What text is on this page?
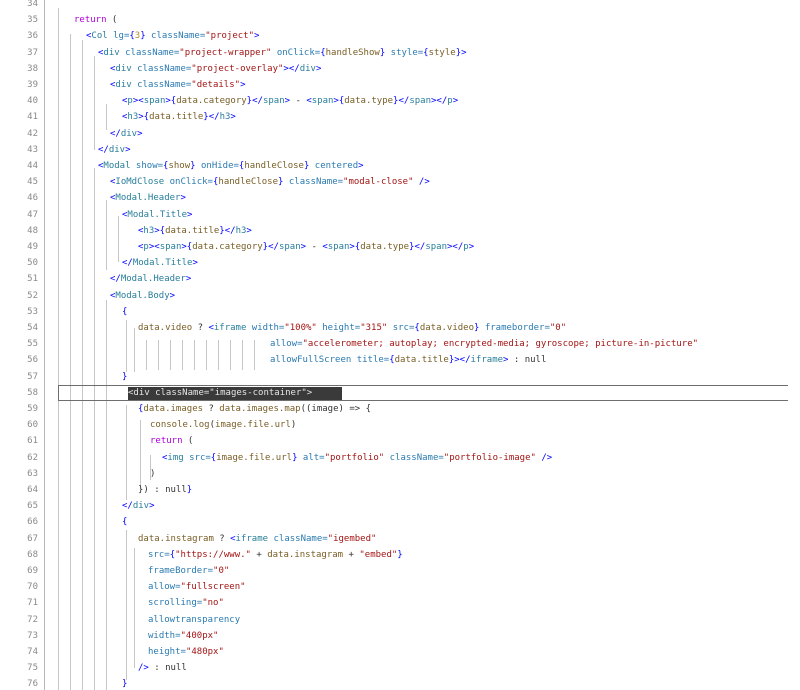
34
35
36
37
38
39
40
41
42
43
44
45
46
47
48
49
50
51
52
53
54
55
56
57
58
59
60
61
62
63
64
65
66
67
68
69
70
71
72
73
74
75
76
return (
<Col lg={3} className="project">
<div className="project-wrapper" onClick={handleShow} style={style}>
<div className="project-overlay"></div>
<div className="details">
<p><span>{data.category}</span> - <span>{data.type}</span></p>
<h3>{data.title}</h3>
</div>
</div>
<Modal show={show} onHide={handleClose} centered>
<IoMdClose onClick={handleClose} className="modal-close" />
<Modal.Header>
<Modal.Title>
<h3>{data.title}</h3>
<p><span>{data.category}</span> - <span>{data.type}</span></p>
</Modal.Title>
</Modal.Header>
<Modal.Body>
{
data.video ? <iframe width="100%" height="315" src={data.video} frameborder="0"
allow="accelerometer; autoplay; encrypted-media; gyroscope; picture-in-picture"
allowFullScreen title={data.title}></iframe> : null
}
<div className="images-container">
{data.images ? data.images.map((image) => {
console.log(image.file.url)
return (
<img src={image.file.url} alt="portfolio" className="portfolio-image" />
)
}) : null}
</div>
{
data.instagram ? <iframe className="igembed"
src={"https://www." + data.instagram + "embed"}
frameBorder="0"
allow="fullscreen"
scrolling="no"
allowtransparency
width="400px"
height="480px"
/> : null
}
